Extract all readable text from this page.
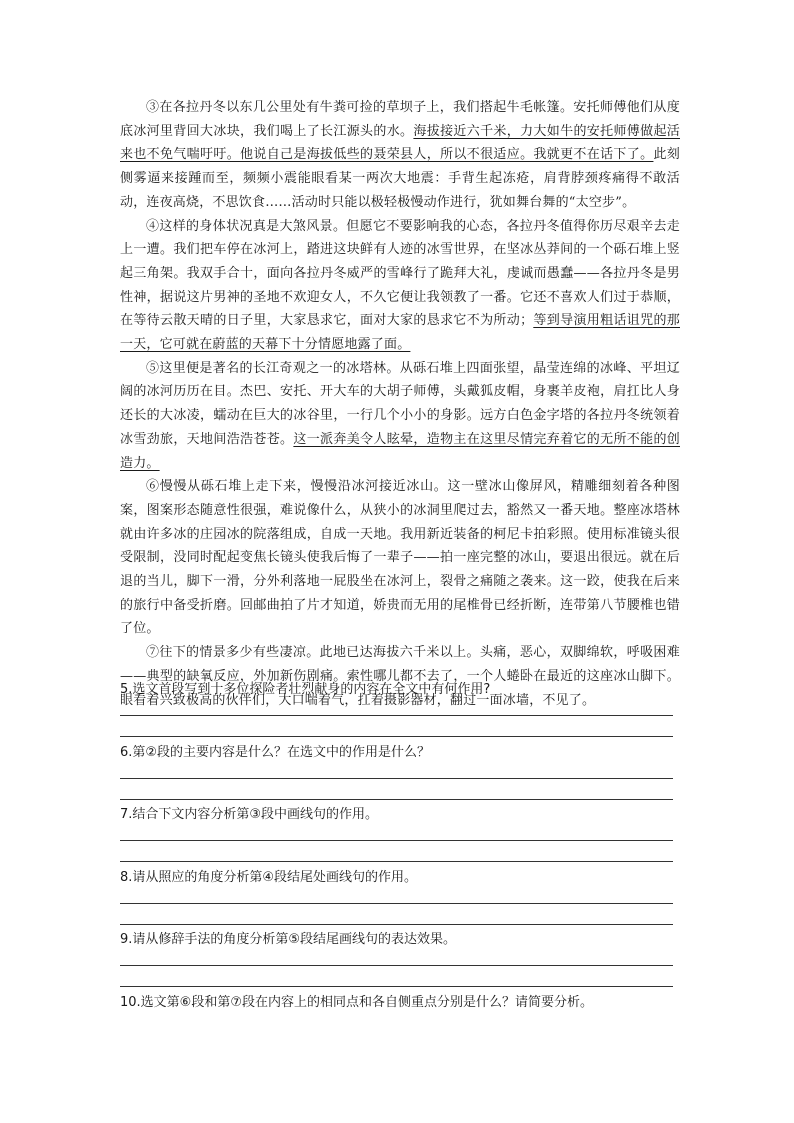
③在各拉丹冬以东几公里处有牛粪可捡的草坝子上，我们搭起牛毛帐篷。安托师傅他们从度底冰河里背回大冰块，我们喝上了长江源头的水。海拔接近六千米，力大如牛的安托师傅做起活来也不免气喘吁吁。他说自己是海拔低些的聂荣县人，所以不很适应。我就更不在话下了。此刻侧雾逼来接踵而至，频频小震能眼看某一两次大地震：手背生起冻疮，肩背脖颈疼痛得不敢活动，连夜高烧，不思饮食……活动时只能以极轻极慢动作进行，犹如舞台舞的“太空步”。

④这样的身体状况真是大煞风景。但愿它不要影响我的心态，各拉丹冬值得你历尽艰辛去走上一遭。我们把车停在冰河上，踏进这块鲜有人迹的冰雪世界，在坚冰丛莽间的一个砾石堆上竖起三角架。我双手合十，面向各拉丹冬威严的雪峰行了跪拜大礼，虔诚而愚蠢——各拉丹冬是男性神，据说这片男神的圣地不欢迎女人，不久它便让我领教了一番。它还不喜欢人们过于恭顺，在等待云散天晴的日子里，大家恳求它，面对大家的恳求它不为所动；等到导演用粗话诅咒的那一天，它可就在蔚蓝的天幕下十分情愿地露了面。

⑤这里便是著名的长江奇观之一的冰塔林。从砾石堆上四面张望，晶莹连绵的冰峰、平坦辽阔的冰河历历在目。杰巴、安托、开大车的大胡子师傅，头戴狐皮帽，身裹羊皮袍，肩扛比人身还长的大冰凌，蠕动在巨大的冰谷里，一行几个小小的身影。远方白色金字塔的各拉丹冬统领着冰雪劲旅，天地间浩浩苍苍。这一派奔美令人眩晕，造物主在这里尽情完弃着它的无所不能的创造力。

⑥慢慢从砾石堆上走下来，慢慢沿冰河接近冰山。这一壁冰山像屏风，精雕细刻着各种图案，图案形态随意性很强，难说像什么，从狭小的冰洞里爬过去，豁然又一番天地。整座冰塔林就由许多冰的庄园冰的院落组成，自成一天地。我用新近装备的柯尼卡拍彩照。使用标准镜头很受限制，没同时配起变焦长镜头使我后悔了一辈子——拍一座完整的冰山，要退出很远。就在后退的当儿，脚下一滑，分外利落地一屁股坐在冰河上，裂骨之痛随之袭来。这一跤，使我在后来的旅行中备受折磨。回邮曲拍了片才知道，娇贵而无用的尾椎骨已经折断，连带第八节腰椎也错了位。

⑦往下的情景多少有些凄凉。此地已达海拔六千米以上。头痛，恶心，双脚绵软，呼吸困难——典型的缺氧反应，外加新伤剧痛。索性哪儿都不去了，一个人蜷卧在最近的这座冰山脚下。眼看着兴致极高的伙伴们，大口喘着气，扛着摄影器材，翻过一面冰墙，不见了。

5.选文首段写到十多位探险者壮烈献身的内容在全文中有何作用?

6.第②段的主要内容是什么？在选文中的作用是什么？

7.结合下文内容分析第③段中画线句的作用。

8.请从照应的角度分析第④段结尾处画线句的作用。

9.请从修辞手法的角度分析第⑤段结尾画线句的表达效果。

10.选文第⑥段和第⑦段在内容上的相同点和各自侧重点分别是什么？请简要分析。
